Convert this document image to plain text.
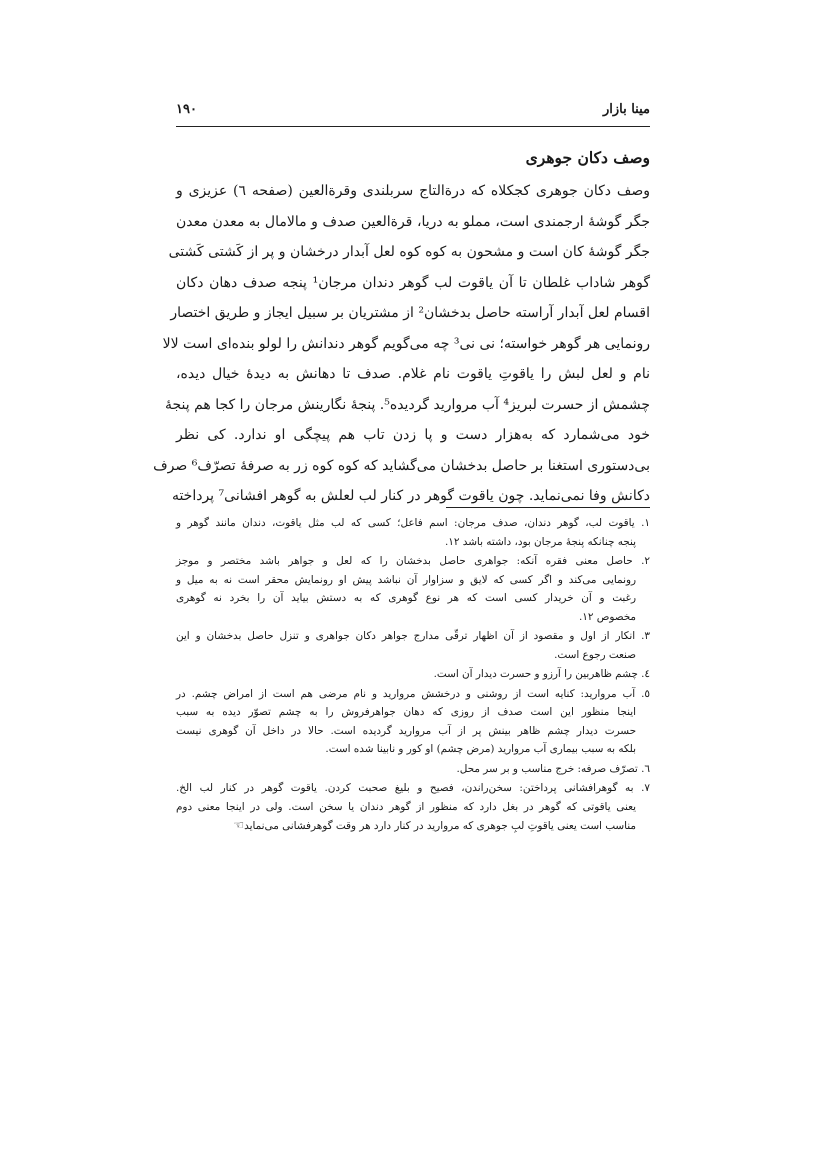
مینا بازار
۱۹۰
وصف دکان جوهری
وصف دکان جوهری کجکلاه که درةالتاج سربلندی وقرةالعین (صفحه ٦) عزیزی و
جگر گوشهٔ ارجمندی است، مملو به دریا، قرةالعین صدف و مالامال به معدن معدن
جگر گوشهٔ کان است و مشحون به کوه کوه لعل آبدار درخشان و پر از کَشتی کَشتی
گوهر شاداب غلطان تا آن یاقوت لب گوهر دندان مرجان¹ پنجه صدف دهان دکان
اقسام لعل آبدار آراسته حاصل بدخشان² از مشتریان بر سبیل ایجاز و طریق اختصار
رونمایی هر گوهر خواسته؛ نی نی³ چه می‌گویم گوهر دندانش را لولو بنده‌ای است لالا
نام و لعل لبش را یاقوتِ یاقوت نام غلام. صدف تا دهانش به دیدهٔ خیال دیده،
چشمش از حسرت لبریز⁴ آب مروارید گردیده⁵. پنجهٔ نگارینش مرجان را کجا هم پنجهٔ
خود می‌شمارد که به‌هزار دست و پا زدن تاب هم پیچگی او ندارد. کی نظر
بی‌دستوری استغنا بر حاصل بدخشان می‌گشاید که کوه کوه زر به صرفهٔ تصرّف⁶ صرف
دکانش وفا نمی‌نماید. چون یاقوت گوهر در کنار لب لعلش به گوهر افشانی⁷ پرداخته
۱. یاقوت لب، گوهر دندان، صدف مرجان: اسم فاعل؛ کسی که لب مثل یاقوت، دندان مانند گوهر و
پنجه چنانکه پنجهٔ مرجان بود، داشته باشد ۱۲.
۲. حاصل معنی فقره آنکه: جواهری حاصل بدخشان را که لعل و جواهر باشد مختصر و موجز
رونمایی می‌کند و اگر کسی که لایق و سزاوار آن نباشد پیش او رونمایش محقر است نه به میل و
رغبت و آن خریدار کسی است که هر نوع گوهری که به دستش بیاید آن را بخرد نه گوهری
مخصوص ۱۲.
۳. انکار از اول و مقصود از آن اظهار ترقّی مدارج جواهر دکان جواهری و تنزل حاصل بدخشان و این
صنعت رجوع است.
٤. چشم ظاهربین را آرزو و حسرت دیدار آن است.
٥. آب مروارید: کنایه است از روشنی و درخشش مروارید و نام مرضی هم است از امراض چشم. در
اینجا منظور این است صدف از روزی که دهان جواهرفروش را به چشم تصوّر دیده به سبب
حسرت دیدار چشم ظاهر بینش پر از آب مروارید گردیده است. حالا در داخل آن گوهری نیست
بلکه به سبب بیماری آب مروارید (مرض چشم) او کور و نابینا شده است.
٦. تصرّف صرفه: خرج مناسب و بر سر محل.
٧. به گوهرافشانی پرداختن: سخن‌راندن، فصیح و بلیغ صحبت کردن. یاقوت گوهر در کنار لب الخ.
یعنی یاقوتی که گوهر در بغل دارد که منظور از گوهر دندان یا سخن است. ولی در اینجا معنی دوم
مناسب است یعنی یاقوتِ لبِ جوهری که مروارید در کنار دارد هر وقت گوهرفشانی می‌نماید☜
